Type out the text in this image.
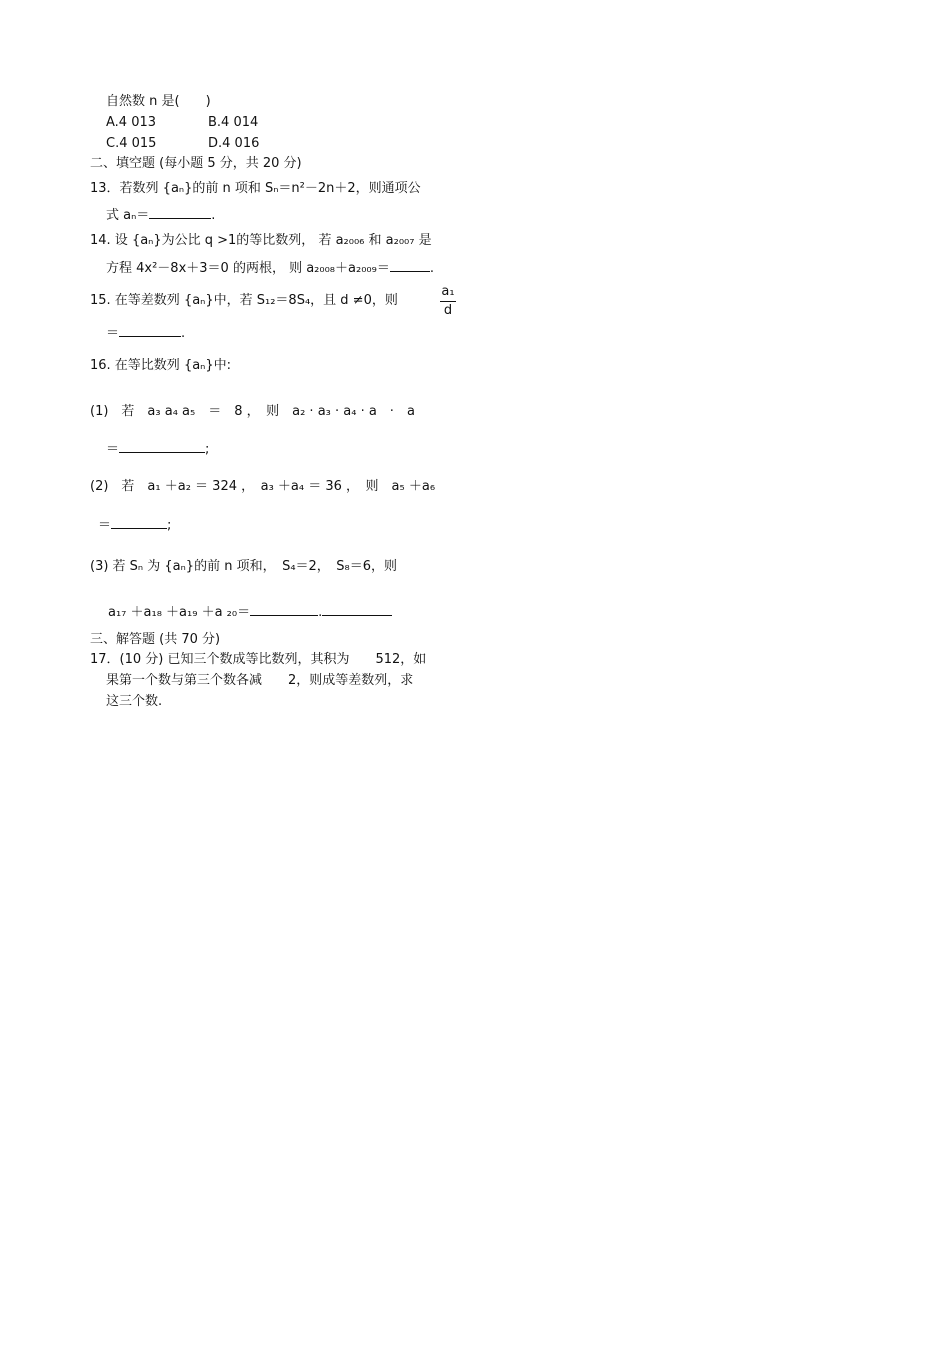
自然数 n 是(　　)
A.4 013	B.4 014
C.4 015	D.4 016
二、填空题 (每小题 5 分，共 20 分)
13．若数列 {aₙ}的前 n 项和 Sₙ＝n²－2n＋2，则通项公
式 aₙ＝	.
14. 设 {aₙ}为公比 q >1的等比数列， 若 a₂₀₀₆ 和 a₂₀₀₇ 是
方程 4x²－8x＋3＝0 的两根， 则 a₂₀₀₈＋a₂₀₀₉＝	.
15. 在等差数列 {aₙ}中，若 S₁₂＝8S₄，且 d ≠0，则
a₁
d
＝	.
16. 在等比数列 {aₙ}中:
(1)　若　a₃ a₄ a₅　＝　8 ，　则　a₂ · a₃ · a₄ · a　·　a
＝	;
(2)　若　a₁ ＋a₂ ＝ 324 ，　a₃ ＋a₄ ＝ 36 ，　则　a₅ ＋a₆
＝	;
(3) 若 Sₙ 为 {aₙ}的前 n 项和，　S₄＝2，　S₈＝6，则
a₁₇ ＋a₁₈ ＋a₁₉ ＋a ₂₀＝	.
三、解答题 (共 70 分)
17．(10 分) 已知三个数成等比数列，其积为　　512，如
果第一个数与第三个数各减　　2，则成等差数列，求
这三个数.
